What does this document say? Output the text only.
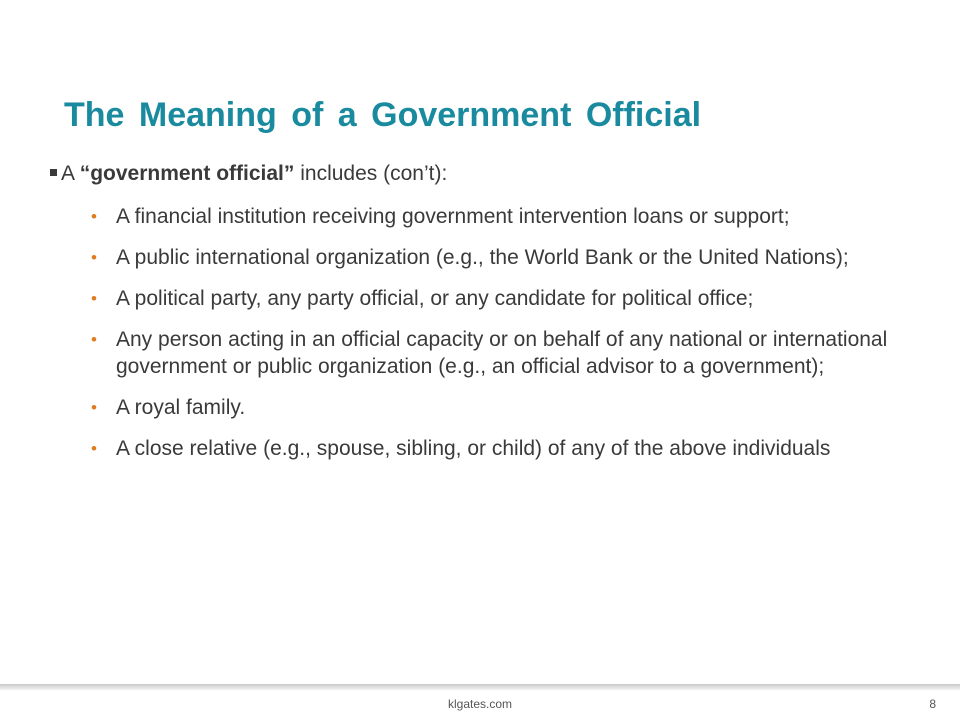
The Meaning of a Government Official
A “government official” includes (con’t):
• A financial institution receiving government intervention loans or support;
• A public international organization (e.g., the World Bank or the United Nations);
• A political party, any party official, or any candidate for political office;
• Any person acting in an official capacity or on behalf of any national or international government or public organization (e.g., an official advisor to a government);
• A royal family.
• A close relative (e.g., spouse, sibling, or child) of any of the above individuals
klgates.com	8
